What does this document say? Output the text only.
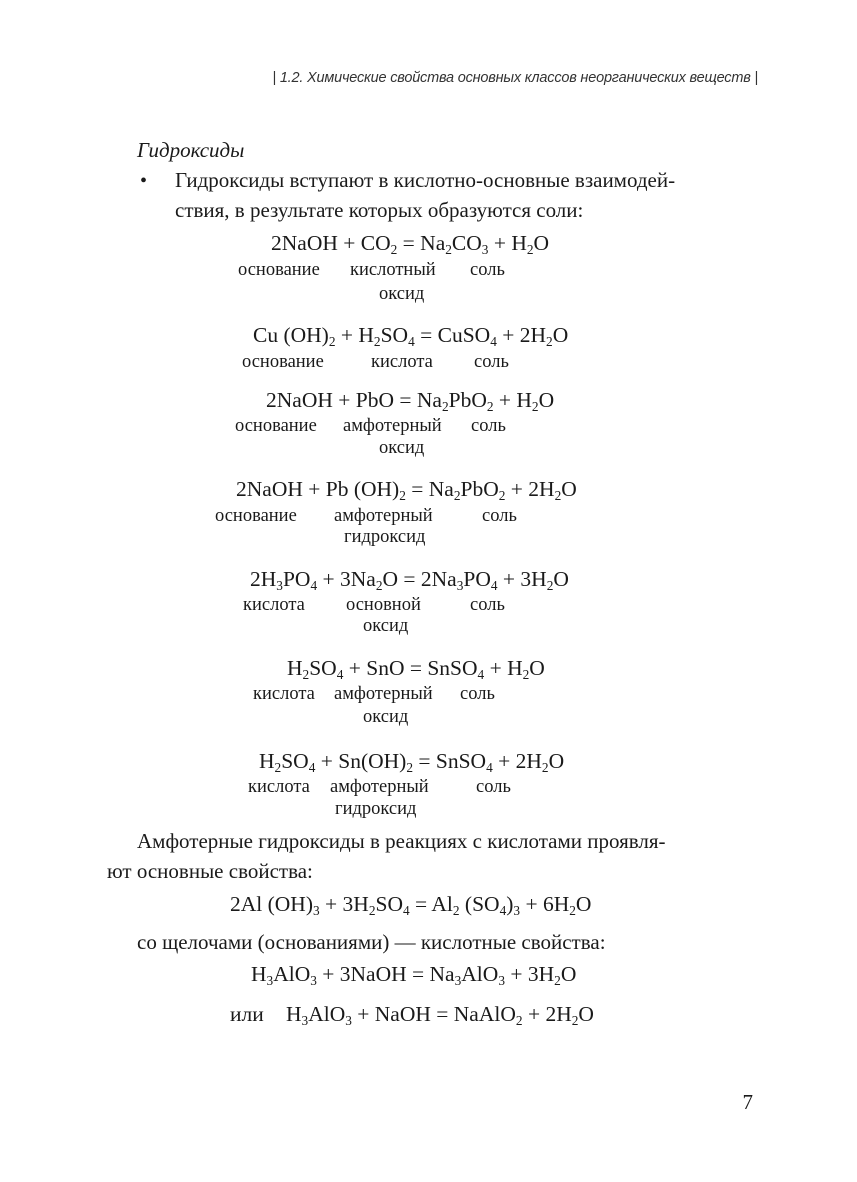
| 1.2. Химические свойства основных классов неорганических веществ |
Гидроксиды
• Гидроксиды вступают в кислотно-основные взаимодей-
ствия, в результате которых образуются соли:
2NaOH + $CO_2 = Na_2CO_3 + H_2O$
основание кислотный соль
оксид
Cu $(OH)_2 + H_2SO_4$ = CuSO$_4$ + $2H_2O$
основание	кислота соль
2NaOH + PbO = $Na_2PbO_2 + H_2O$
основание амфотерный соль
оксид
2NaOH + Pb $(OH)_2 = Na_2PbO_2 + 2H_2O$
основание амфотерный	соль
гидроксид
$2H_3PO_4 + 3Na_2O = 2Na_3PO_4 + 3H_2O$
кислота основной	соль
оксид
$H_2SO_4$ + SnO = SnSO$_4$ + $H_2O$
кислота амфотерный соль
оксид
$H_2SO_4 + Sn(OH)_2$ = SnSO$_4$ + $2H_2O$
кислота амфотерный	соль
гидроксид
Амфотерные гидроксиды в реакциях с кислотами проявля-
ют основные свойства:
2Al $(OH)_3 + 3H_2SO_4 = Al_2$ $(SO_4)_3 + 6H_2O$
со щелочами (основаниями) — кислотные свойства:
$H_3AlO_3$ + 3NaOH = $Na_3AlO_3 + 3H_2O$
или $H_3AlO_3$ + NaOH = NaAlO$_2$ + $2H_2O$
7
